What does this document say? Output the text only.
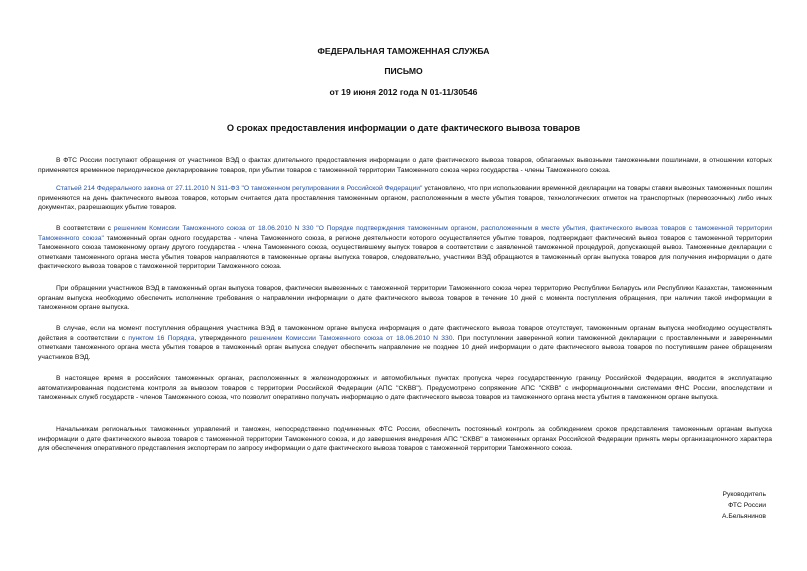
ФЕДЕРАЛЬНАЯ ТАМОЖЕННАЯ СЛУЖБА
ПИСЬМО
от 19 июня 2012 года N 01-11/30546
О сроках предоставления информации о дате фактического вывоза товаров

В ФТС России поступают обращения от участников ВЭД о фактах длительного предоставления информации о дате фактического вывоза товаров, облагаемых вывозными таможенными пошлинами, в отношении которых применяется временное периодическое декларирование товаров, при убытии товаров с таможенной территории Таможенного союза через государства - члены Таможенного союза.

Статьей 214 Федерального закона от 27.11.2010 N 311-ФЗ "О таможенном регулировании в Российской Федерации" установлено, что при использовании временной декларации на товары ставки вывозных таможенных пошлин применяются на день фактического вывоза товаров, которым считается дата проставления таможенным органом, расположенным в месте убытия товаров, технологических отметок на транспортных (перевозочных) либо иных документах, разрешающих убытие товаров.

В соответствии с решением Комиссии Таможенного союза от 18.06.2010 N 330 "О Порядке подтверждения таможенным органом, расположенным в месте убытия, фактического вывоза товаров с таможенной территории Таможенного союза" таможенный орган одного государства - члена Таможенного союза, в регионе деятельности которого осуществляется убытие товаров, подтверждает фактический вывоз товаров с таможенной территории Таможенного союза таможенному органу другого государства - члена Таможенного союза, осуществившему выпуск товаров в соответствии с заявленной таможенной процедурой, допускающей вывоз. Таможенные декларации с отметками таможенного органа места убытия товаров направляются в таможенные органы выпуска товаров, следовательно, участники ВЭД обращаются в таможенный орган выпуска товаров для получения информации о дате фактического вывоза товаров с таможенной территории Таможенного союза.

При обращении участников ВЭД в таможенный орган выпуска товаров, фактически вывезенных с таможенной территории Таможенного союза через территорию Республики Беларусь или Республики Казахстан, таможенным органам выпуска необходимо обеспечить исполнение требования о направлении информации о дате фактического вывоза товаров в течение 10 дней с момента поступления обращения, при наличии такой информации в таможенном органе выпуска.

В случае, если на момент поступления обращения участника ВЭД в таможенном органе выпуска информация о дате фактического вывоза товаров отсутствует, таможенным органам выпуска необходимо осуществлять действия в соответствии с пунктом 16 Порядка, утвержденного решением Комиссии Таможенного союза от 18.06.2010 N 330. При поступлении заверенной копии таможенной декларации с проставленными и заверенными отметками таможенного органа места убытия товаров в таможенный орган выпуска следует обеспечить направление не позднее 10 дней информации о дате фактического вывоза товаров по поступившим ранее обращениям участников ВЭД.

В настоящее время в российских таможенных органах, расположенных в железнодорожных и автомобильных пунктах пропуска через государственную границу Российской Федерации, вводится в эксплуатацию автоматизированная подсистема контроля за вывозом товаров с территории Российской Федерации (АПС "СКВВ"). Предусмотрено сопряжение АПС "СКВВ" с информационными системами ФНС России, впоследствии и таможенных служб государств - членов Таможенного союза, что позволит оперативно получать информацию о дате фактического вывоза товаров из таможенного органа места убытия в таможенном органе выпуска.

Начальникам региональных таможенных управлений и таможен, непосредственно подчиненных ФТС России, обеспечить постоянный контроль за соблюдением сроков представления таможенным органам выпуска информации о дате фактического вывоза товаров с таможенной территории Таможенного союза, и до завершения внедрения АПС "СКВВ" в таможенных органах Российской Федерации принять меры организационного характера для обеспечения оперативного представления экспортерам по запросу информации о дате фактического вывоза товаров с таможенной территории Таможенного союза.

Руководитель
ФТС России
А.Бельянинов
